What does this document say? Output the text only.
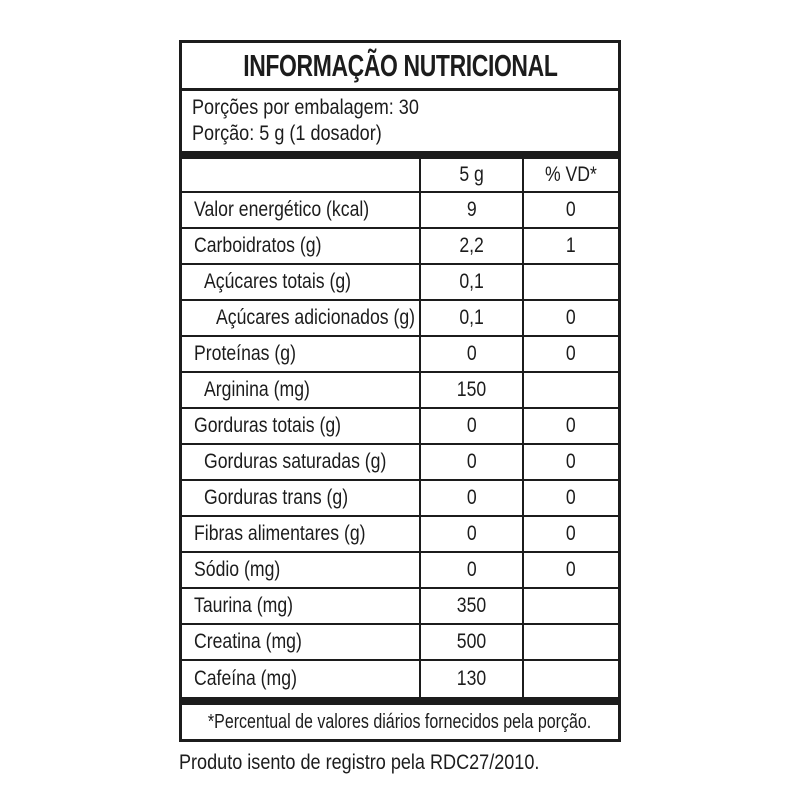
INFORMAÇÃO NUTRICIONAL
Porções por embalagem: 30
Porção: 5 g (1 dosador)
5 g	% VD*
Valor energético (kcal)	9	0
Carboidratos (g)	2,2	1
Açúcares totais (g)	0,1
Açúcares adicionados (g) 0,1	0
Proteínas (g)	0	0
Arginina (mg)	150
Gorduras totais (g)	0	0
Gorduras saturadas (g)	0	0
Gorduras trans (g)	0	0
Fibras alimentares (g)	0	0
Sódio (mg)	0	0
Taurina (mg)	350
Creatina (mg)	500
Cafeína (mg)	130
*Percentual de valores diários fornecidos pela porção.
Produto isento de registro pela RDC27/2010.
